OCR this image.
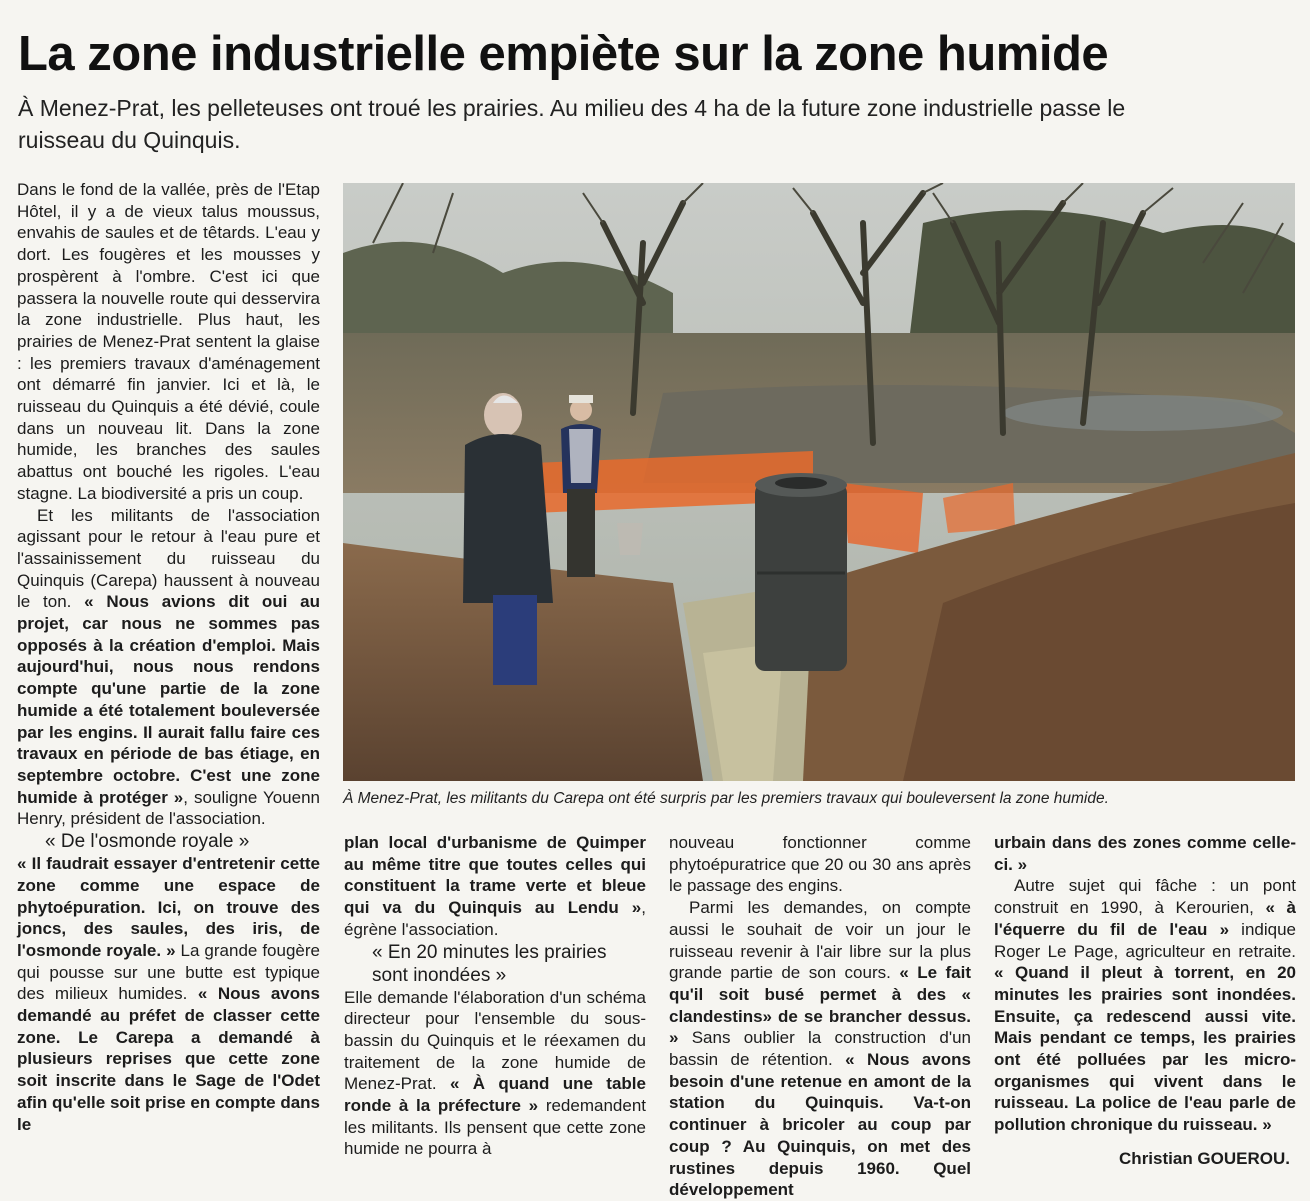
La zone industrielle empiète sur la zone humide

À Menez-Prat, les pelleteuses ont troué les prairies. Au milieu des 4 ha de la future zone industrielle passe le ruisseau du Quinquis.

Dans le fond de la vallée, près de l'Etap Hôtel, il y a de vieux talus moussus, envahis de saules et de têtards. L'eau y dort. Les fougères et les mousses y prospèrent à l'ombre. C'est ici que passera la nouvelle route qui desservira la zone industrielle. Plus haut, les prairies de Menez-Prat sentent la glaise : les premiers travaux d'aménagement ont démarré fin janvier. Ici et là, le ruisseau du Quinquis a été dévié, coule dans un nouveau lit. Dans la zone humide, les branches des saules abattus ont bouché les rigoles. L'eau stagne. La biodiversité a pris un coup.

Et les militants de l'association agissant pour le retour à l'eau pure et l'assainissement du ruisseau du Quinquis (Carepa) haussent à nouveau le ton. « Nous avions dit oui au projet, car nous ne sommes pas opposés à la création d'emploi. Mais aujourd'hui, nous nous rendons compte qu'une partie de la zone humide a été totalement bouleversée par les engins. Il aurait fallu faire ces travaux en période de bas étiage, en septembre octobre. C'est une zone humide à protéger », souligne Youenn Henry, président de l'association.

« De l'osmonde royale »

« Il faudrait essayer d'entretenir cette zone comme une espace de phytoépuration. Ici, on trouve des joncs, des saules, des iris, de l'osmonde royale. » La grande fougère qui pousse sur une butte est typique des milieux humides. « Nous avons demandé au préfet de classer cette zone. Le Carepa a demandé à plusieurs reprises que cette zone soit inscrite dans le Sage de l'Odet afin qu'elle soit prise en compte dans le

À Menez-Prat, les militants du Carepa ont été surpris par les premiers travaux qui bouleversent la zone humide.

plan local d'urbanisme de Quimper au même titre que toutes celles qui constituent la trame verte et bleue qui va du Quinquis au Lendu », égrène l'association.

« En 20 minutes les prairies sont inondées »

Elle demande l'élaboration d'un schéma directeur pour l'ensemble du sous-bassin du Quinquis et le réexamen du traitement de la zone humide de Menez-Prat. « À quand une table ronde à la préfecture » redemandent les militants. Ils pensent que cette zone humide ne pourra à

nouveau fonctionner comme phytoépuratrice que 20 ou 30 ans après le passage des engins.

Parmi les demandes, on compte aussi le souhait de voir un jour le ruisseau revenir à l'air libre sur la plus grande partie de son cours. « Le fait qu'il soit busé permet à des « clandestins» de se brancher dessus. » Sans oublier la construction d'un bassin de rétention. « Nous avons besoin d'une retenue en amont de la station du Quinquis. Va-t-on continuer à bricoler au coup par coup ? Au Quinquis, on met des rustines depuis 1960. Quel développement

urbain dans des zones comme celle-ci. »

Autre sujet qui fâche : un pont construit en 1990, à Kerourien, « à l'équerre du fil de l'eau » indique Roger Le Page, agriculteur en retraite. « Quand il pleut à torrent, en 20 minutes les prairies sont inondées. Ensuite, ça redescend aussi vite. Mais pendant ce temps, les prairies ont été polluées par les micro-organismes qui vivent dans le ruisseau. La police de l'eau parle de pollution chronique du ruisseau. »

Christian GOUEROU.
